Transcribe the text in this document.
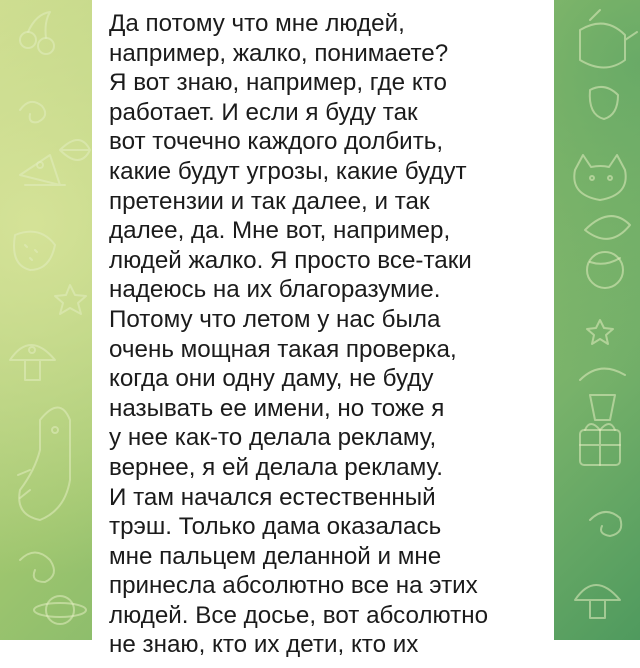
Да потому что мне людей,
например, жалко, понимаете?
Я вот знаю, например, где кто
работает. И если я буду так
вот точечно каждого долбить,
какие будут угрозы, какие будут
претензии и так далее, и так
далее, да. Мне вот, например,
людей жалко. Я просто все-таки
надеюсь на их благоразумие.
Потому что летом у нас была
очень мощная такая проверка,
когда они одну даму, не буду
называть ее имени, но тоже я
у нее как-то делала рекламу,
вернее, я ей делала рекламу.
И там начался естественный
трэш. Только дама оказалась
мне пальцем деланной и мне
принесла абсолютно все на этих
людей. Все досье, вот абсолютно
не знаю, кто их дети, кто их
